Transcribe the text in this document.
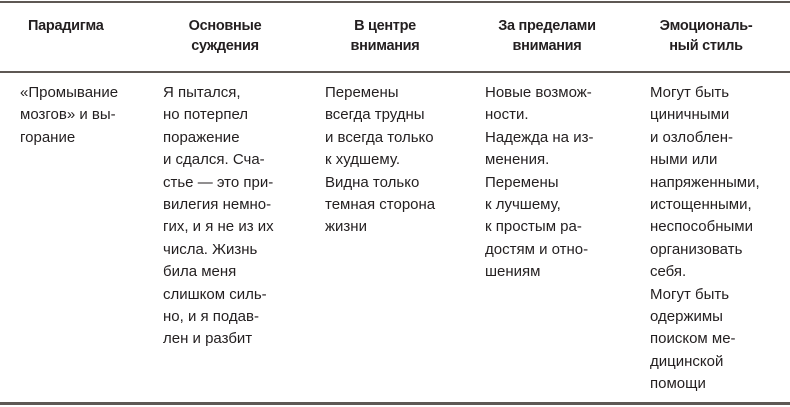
Парадигма	Основные
суждения
В центре
внимания
За пределами
внимания
Эмоциональ-
ный стиль
«Промывание
мозгов» и вы-
горание
Я пытался,
но потерпел
поражение
и сдался. Сча-
стье — это при-
вилегия немно-
гих, и я не из их
числа. Жизнь
била меня
слишком силь-
но, и я подав-
лен и разбит
Перемены
всегда трудны
и всегда только
к худшему.
Видна только
темная сторона
жизни
Новые возмож-
ности.
Надежда на из-
менения.
Перемены
к лучшему,
к простым ра-
достям и отно-
шениям
Могут быть
циничными
и озлоблен-
ными или
напряженными,
истощенными,
неспособными
организовать
себя.
Могут быть
одержимы
поиском ме-
дицинской
помощи
